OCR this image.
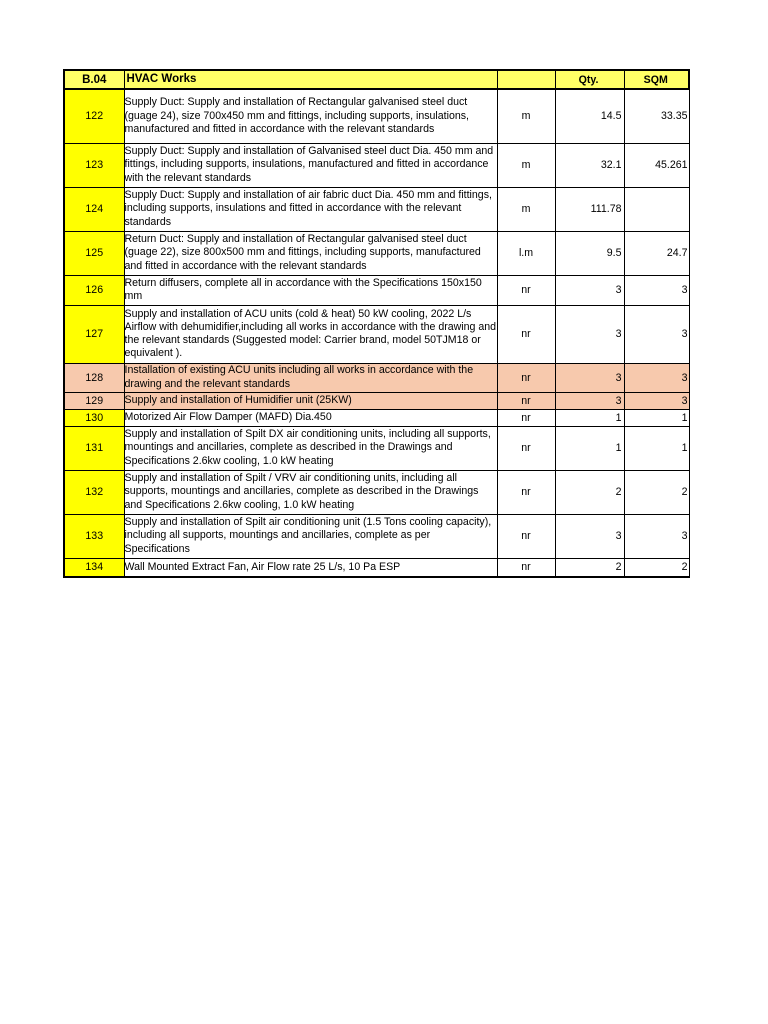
B.04	HVAC Works		Qty.	SQM
122	Supply Duct: Supply and installation of Rectangular galvanised steel duct (guage 24), size 700x450 mm and fittings, including supports, insulations, manufactured and fitted in accordance with the relevant standards	m	14.5	33.35
123	Supply Duct: Supply and installation of Galvanised steel duct Dia. 450 mm and fittings, including supports, insulations, manufactured and fitted in accordance with the relevant standards	m	32.1	45.261
124	Supply Duct: Supply and installation of air fabric duct Dia. 450 mm and fittings, including supports, insulations and fitted in accordance with the relevant standards	m	111.78	
125	Return Duct: Supply and installation of Rectangular galvanised steel duct (guage 22), size 800x500 mm and fittings, including supports, manufactured and fitted in accordance with the relevant standards	l.m	9.5	24.7
126	Return diffusers, complete all in accordance with the Specifications 150x150 mm	nr	3	3
127	Supply and installation of ACU units (cold & heat) 50 kW cooling, 2022 L/s Airflow with dehumidifier,including all works in accordance with the drawing and the relevant standards (Suggested model: Carrier brand, model 50TJM18 or equivalent ).	nr	3	3
128	Installation of existing ACU units including all works in accordance with the drawing and the relevant standards	nr	3	3
129	Supply and installation of Humidifier unit (25KW)	nr	3	3
130	Motorized Air Flow Damper (MAFD) Dia.450	nr	1	1
131	Supply and installation of Spilt DX air conditioning units, including all supports, mountings and ancillaries, complete as described in the Drawings and Specifications 2.6kw cooling, 1.0 kW heating	nr	1	1
132	Supply and installation of Spilt / VRV air conditioning units, including all supports, mountings and ancillaries, complete as described in the Drawings and Specifications 2.6kw cooling, 1.0 kW heating	nr	2	2
133	Supply and installation of Spilt air conditioning unit (1.5 Tons cooling capacity), including all supports, mountings and ancillaries, complete as per Specifications	nr	3	3
134	Wall Mounted Extract Fan, Air Flow rate 25 L/s, 10 Pa ESP	nr	2	2
